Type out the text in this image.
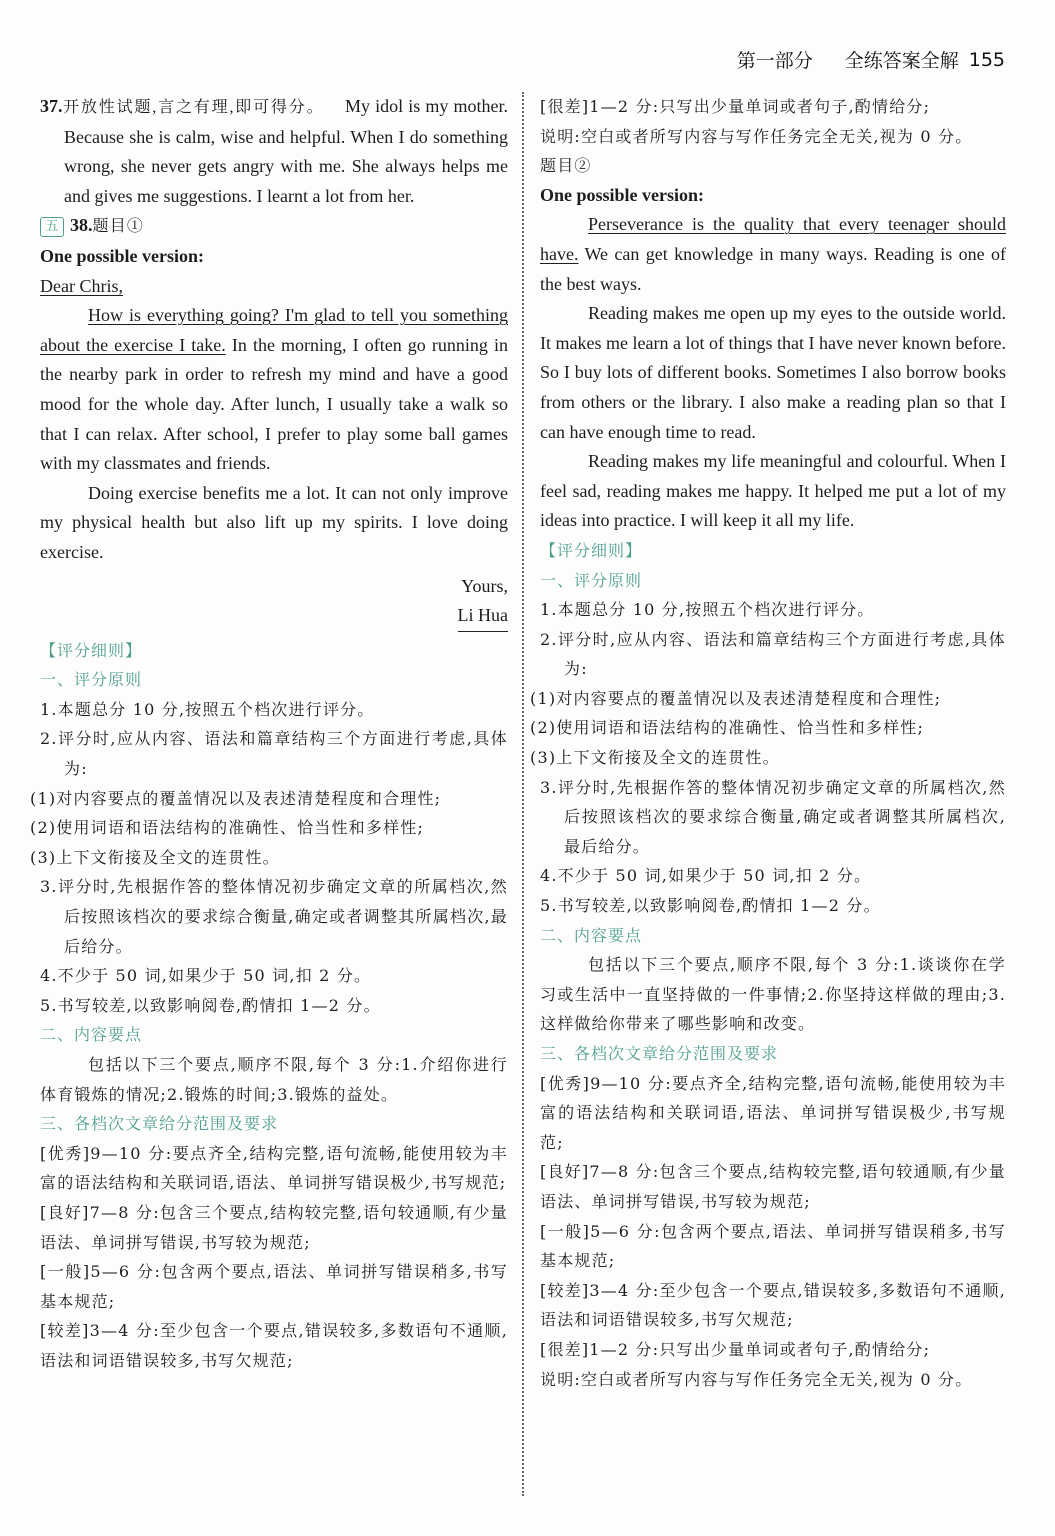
第一部分 全练答案全解 155

37.开放性试题,言之有理,即可得分。 My idol is my mother. Because she is calm, wise and helpful. When I do something wrong, she never gets angry with me. She always helps me and gives me suggestions. I learnt a lot from her.

五 38.题目①

One possible version:

Dear Chris,

How is everything going? I'm glad to tell you something about the exercise I take. In the morning, I often go running in the nearby park in order to refresh my mind and have a good mood for the whole day. After lunch, I usually take a walk so that I can relax. After school, I prefer to play some ball games with my classmates and friends.

Doing exercise benefits me a lot. It can not only improve my physical health but also lift up my spirits. I love doing exercise.

Yours,

Li Hua

【评分细则】

一、评分原则

1.本题总分 10 分,按照五个档次进行评分。

2.评分时,应从内容、语法和篇章结构三个方面进行考虑,具体为:

(1)对内容要点的覆盖情况以及表述清楚程度和合理性;

(2)使用词语和语法结构的准确性、恰当性和多样性;

(3)上下文衔接及全文的连贯性。

3.评分时,先根据作答的整体情况初步确定文章的所属档次,然后按照该档次的要求综合衡量,确定或者调整其所属档次,最后给分。

4.不少于 50 词,如果少于 50 词,扣 2 分。

5.书写较差,以致影响阅卷,酌情扣 1—2 分。

二、内容要点

包括以下三个要点,顺序不限,每个 3 分:1.介绍你进行体育锻炼的情况;2.锻炼的时间;3.锻炼的益处。

三、各档次文章给分范围及要求

[优秀]9—10 分:要点齐全,结构完整,语句流畅,能使用较为丰富的语法结构和关联词语,语法、单词拼写错误极少,书写规范;

[良好]7—8 分:包含三个要点,结构较完整,语句较通顺,有少量语法、单词拼写错误,书写较为规范;

[一般]5—6 分:包含两个要点,语法、单词拼写错误稍多,书写基本规范;

[较差]3—4 分:至少包含一个要点,错误较多,多数语句不通顺,语法和词语错误较多,书写欠规范;

[很差]1—2 分:只写出少量单词或者句子,酌情给分;

说明:空白或者所写内容与写作任务完全无关,视为 0 分。

题目②

One possible version:

Perseverance is the quality that every teenager should have. We can get knowledge in many ways. Reading is one of the best ways.

Reading makes me open up my eyes to the outside world. It makes me learn a lot of things that I have never known before. So I buy lots of different books. Sometimes I also borrow books from others or the library. I also make a reading plan so that I can have enough time to read.

Reading makes my life meaningful and colourful. When I feel sad, reading makes me happy. It helped me put a lot of my ideas into practice. I will keep it all my life.

【评分细则】

一、评分原则

1.本题总分 10 分,按照五个档次进行评分。

2.评分时,应从内容、语法和篇章结构三个方面进行考虑,具体为:

(1)对内容要点的覆盖情况以及表述清楚程度和合理性;

(2)使用词语和语法结构的准确性、恰当性和多样性;

(3)上下文衔接及全文的连贯性。

3.评分时,先根据作答的整体情况初步确定文章的所属档次,然后按照该档次的要求综合衡量,确定或者调整其所属档次,最后给分。

4.不少于 50 词,如果少于 50 词,扣 2 分。

5.书写较差,以致影响阅卷,酌情扣 1—2 分。

二、内容要点

包括以下三个要点,顺序不限,每个 3 分:1.谈谈你在学习或生活中一直坚持做的一件事情;2.你坚持这样做的理由;3.这样做给你带来了哪些影响和改变。

三、各档次文章给分范围及要求

[优秀]9—10 分:要点齐全,结构完整,语句流畅,能使用较为丰富的语法结构和关联词语,语法、单词拼写错误极少,书写规范;

[良好]7—8 分:包含三个要点,结构较完整,语句较通顺,有少量语法、单词拼写错误,书写较为规范;

[一般]5—6 分:包含两个要点,语法、单词拼写错误稍多,书写基本规范;

[较差]3—4 分:至少包含一个要点,错误较多,多数语句不通顺,语法和词语错误较多,书写欠规范;

[很差]1—2 分:只写出少量单词或者句子,酌情给分;

说明:空白或者所写内容与写作任务完全无关,视为 0 分。
